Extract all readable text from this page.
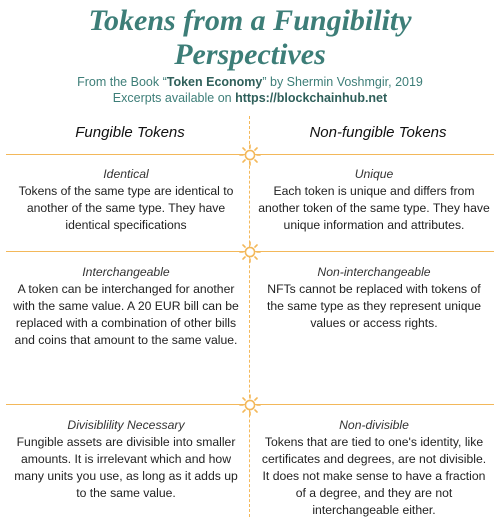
Tokens from a Fungibility
Perspectives
From the Book “Token Economy” by Shermin Voshmgir, 2019
Excerpts available on https://blockchainhub.net
Fungible Tokens	Non-fungible Tokens
Identical
Tokens of the same type are identical to another of the same type. They have identical specifications
Unique
Each token is unique and differs from another token of the same type. They have unique information and attributes.
Interchangeable
A token can be interchanged for another with the same value. A 20 EUR bill can be replaced with a combination of other bills and coins that amount to the same value.
Non-interchangeable
NFTs cannot be replaced with tokens of the same type as they represent unique values or access rights.
Divisiblility Necessary
Fungible assets are divisible into smaller amounts. It is irrelevant which and how many units you use, as long as it adds up to the same value.
Non-divisible
Tokens that are tied to one's identity, like certificates and degrees, are not divisible. It does not make sense to have a fraction of a degree, and they are not interchangeable either.
